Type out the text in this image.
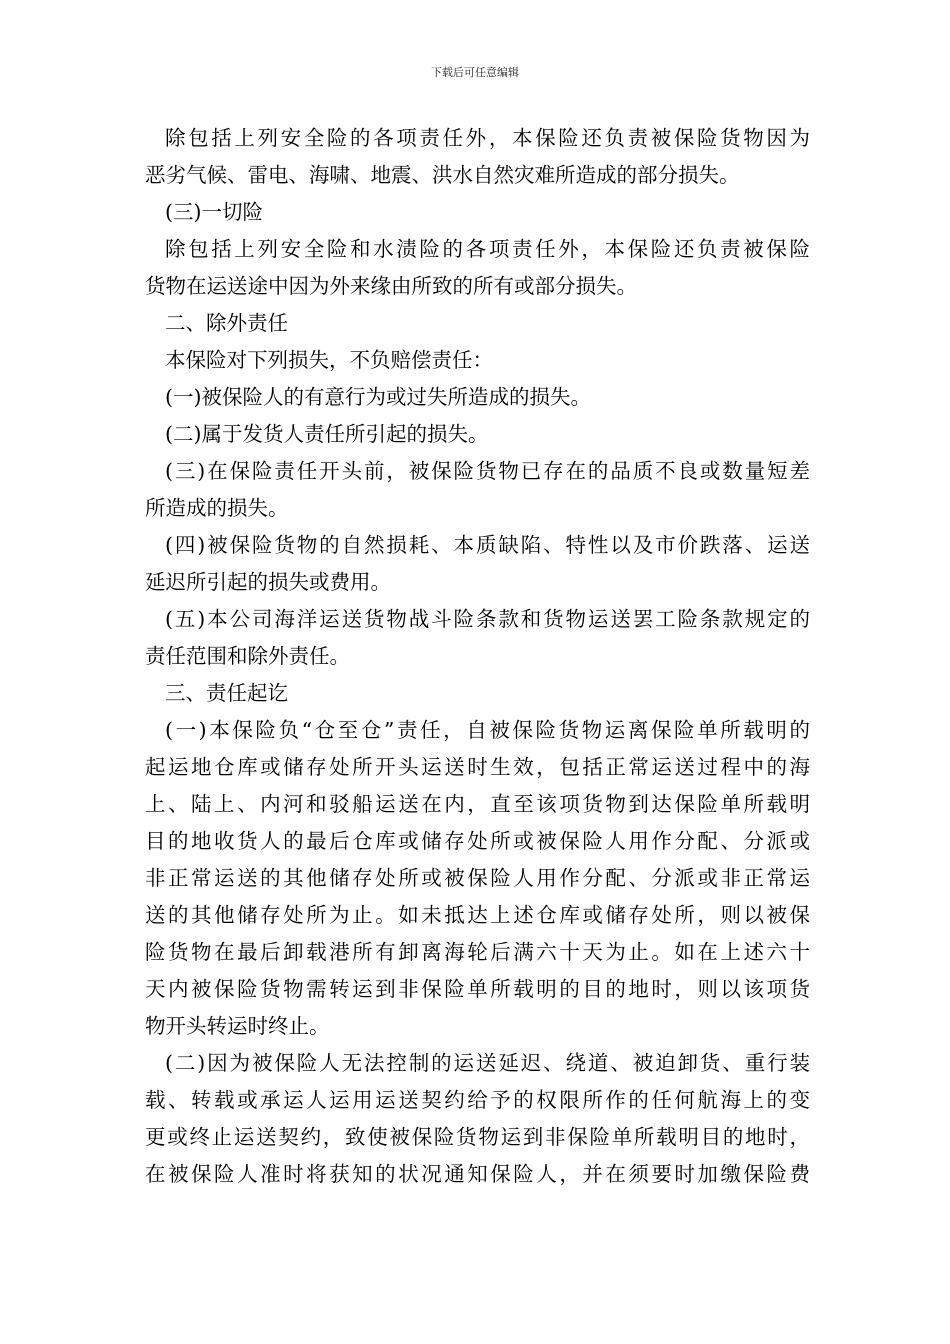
下载后可任意编辑
除包括上列安全险的各项责任外，本保险还负责被保险货物因为
恶劣气候、雷电、海啸、地震、洪水自然灾难所造成的部分损失。
(三)一切险
除包括上列安全险和水渍险的各项责任外，本保险还负责被保险
货物在运送途中因为外来缘由所致的所有或部分损失。
二、除外责任
本保险对下列损失，不负赔偿责任：
(一)被保险人的有意行为或过失所造成的损失。
(二)属于发货人责任所引起的损失。
(三)在保险责任开头前，被保险货物已存在的品质不良或数量短差
所造成的损失。
(四)被保险货物的自然损耗、本质缺陷、特性以及市价跌落、运送
延迟所引起的损失或费用。
(五)本公司海洋运送货物战斗险条款和货物运送罢工险条款规定的
责任范围和除外责任。
三、责任起讫
(一)本保险负“仓至仓”责任，自被保险货物运离保险单所载明的
起运地仓库或储存处所开头运送时生效，包括正常运送过程中的海
上、陆上、内河和驳船运送在内，直至该项货物到达保险单所载明
目的地收货人的最后仓库或储存处所或被保险人用作分配、分派或
非正常运送的其他储存处所或被保险人用作分配、分派或非正常运
送的其他储存处所为止。如未抵达上述仓库或储存处所，则以被保
险货物在最后卸载港所有卸离海轮后满六十天为止。如在上述六十
天内被保险货物需转运到非保险单所载明的目的地时，则以该项货
物开头转运时终止。
(二)因为被保险人无法控制的运送延迟、绕道、被迫卸货、重行装
载、转载或承运人运用运送契约给予的权限所作的任何航海上的变
更或终止运送契约，致使被保险货物运到非保险单所载明目的地时，
在被保险人准时将获知的状况通知保险人，并在须要时加缴保险费
